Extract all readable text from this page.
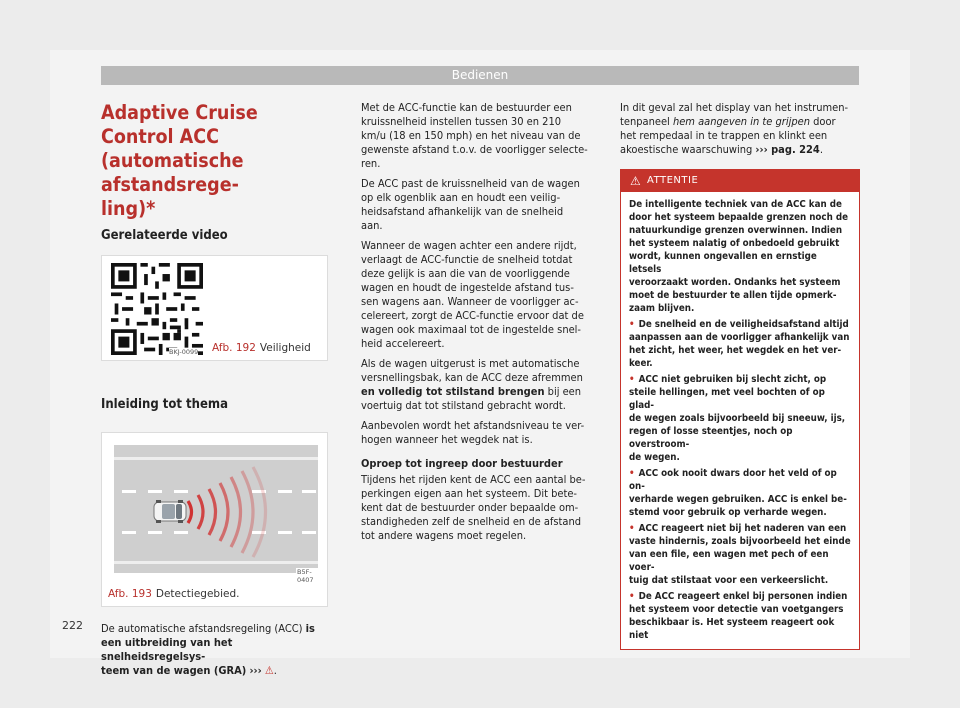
Bedienen
Adaptive Cruise Control ACC
(automatische afstandsrege-
ling)*
Gerelateerde video
BKJ-0099 Afb. 192 Veiligheid
Inleiding tot thema
B5F-0407
Afb. 193 Detectiegebied.

De automatische afstandsregeling (ACC) is een uitbreiding van het snelheidsregelsys-
teem van de wagen (GRA) ››› ⚠.

Met de ACC-functie kan de bestuurder een
kruissnelheid instellen tussen 30 en 210
km/u (18 en 150 mph) en het niveau van de
gewenste afstand t.o.v. de voorligger selecte-
ren.

De ACC past de kruissnelheid van de wagen
op elk ogenblik aan en houdt een veilig-
heidsafstand afhankelijk van de snelheid
aan.

Wanneer de wagen achter een andere rijdt,
verlaagt de ACC-functie de snelheid totdat
deze gelijk is aan die van de voorliggende
wagen en houdt de ingestelde afstand tus-
sen wagens aan. Wanneer de voorligger ac-
celereert, zorgt de ACC-functie ervoor dat de
wagen ook maximaal tot de ingestelde snel-
heid accelereert.

Als de wagen uitgerust is met automatische
versnellingsbak, kan de ACC deze afremmen
en volledig tot stilstand brengen bij een
voertuig dat tot stilstand gebracht wordt.

Aanbevolen wordt het afstandsniveau te ver-
hogen wanneer het wegdek nat is.

Oproep tot ingreep door bestuurder

Tijdens het rijden kent de ACC een aantal be-
perkingen eigen aan het systeem. Dit bete-
kent dat de bestuurder onder bepaalde om-
standigheden zelf de snelheid en de afstand
tot andere wagens moet regelen.

In dit geval zal het display van het instrumen-
tenpaneel hem aangeven in te grijpen door
het rempedaal in te trappen en klinkt een
akoestische waarschuwing ››› pag. 224.

⚠ ATTENTIE

De intelligente techniek van de ACC kan de
door het systeem bepaalde grenzen noch de
natuurkundige grenzen overwinnen. Indien
het systeem nalatig of onbedoeld gebruikt
wordt, kunnen ongevallen en ernstige letsels
veroorzaakt worden. Ondanks het systeem
moet de bestuurder te allen tijde opmerk-
zaam blijven.

• De snelheid en de veiligheidsafstand altijd
aanpassen aan de voorligger afhankelijk van
het zicht, het weer, het wegdek en het ver-
keer.

• ACC niet gebruiken bij slecht zicht, op
steile hellingen, met veel bochten of op glad-
de wegen zoals bijvoorbeeld bij sneeuw, ijs,
regen of losse steentjes, noch op overstroom-
de wegen.

• ACC ook nooit dwars door het veld of op on-
verharde wegen gebruiken. ACC is enkel be-
stemd voor gebruik op verharde wegen.

• ACC reageert niet bij het naderen van een
vaste hindernis, zoals bijvoorbeeld het einde
van een file, een wagen met pech of een voer-
tuig dat stilstaat voor een verkeerslicht.

• De ACC reageert enkel bij personen indien
het systeem voor detectie van voetgangers
beschikbaar is. Het systeem reageert ook niet

222
